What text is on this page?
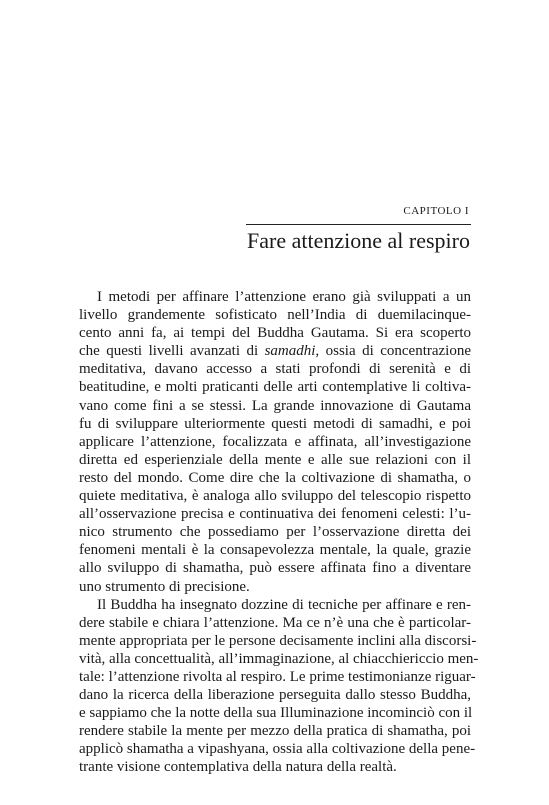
CAPITOLO I
Fare attenzione al respiro
I metodi per affinare l’attenzione erano già sviluppati a un
livello grandemente sofisticato nell’India di duemilacinque-
cento anni fa, ai tempi del Buddha Gautama. Si era scoperto
che questi livelli avanzati di samadhi, ossia di concentrazione
meditativa, davano accesso a stati profondi di serenità e di
beatitudine, e molti praticanti delle arti contemplative li coltiva-
vano come fini a se stessi. La grande innovazione di Gautama
fu di sviluppare ulteriormente questi metodi di samadhi, e poi
applicare l’attenzione, focalizzata e affinata, all’investigazione
diretta ed esperienziale della mente e alle sue relazioni con il
resto del mondo. Come dire che la coltivazione di shamatha, o
quiete meditativa, è analoga allo sviluppo del telescopio rispetto
all’osservazione precisa e continuativa dei fenomeni celesti: l’u-
nico strumento che possediamo per l’osservazione diretta dei
fenomeni mentali è la consapevolezza mentale, la quale, grazie
allo sviluppo di shamatha, può essere affinata fino a diventare
uno strumento di precisione.
Il Buddha ha insegnato dozzine di tecniche per affinare e ren-
dere stabile e chiara l’attenzione. Ma ce n’è una che è particolar-
mente appropriata per le persone decisamente inclini alla discorsi-
vità, alla concettualità, all’immaginazione, al chiacchiericcio men-
tale: l’attenzione rivolta al respiro. Le prime testimonianze riguar-
dano la ricerca della liberazione perseguita dallo stesso Buddha,
e sappiamo che la notte della sua Illuminazione incominciò con il
rendere stabile la mente per mezzo della pratica di shamatha, poi
applicò shamatha a vipashyana, ossia alla coltivazione della pene-
trante visione contemplativa della natura della realtà.
